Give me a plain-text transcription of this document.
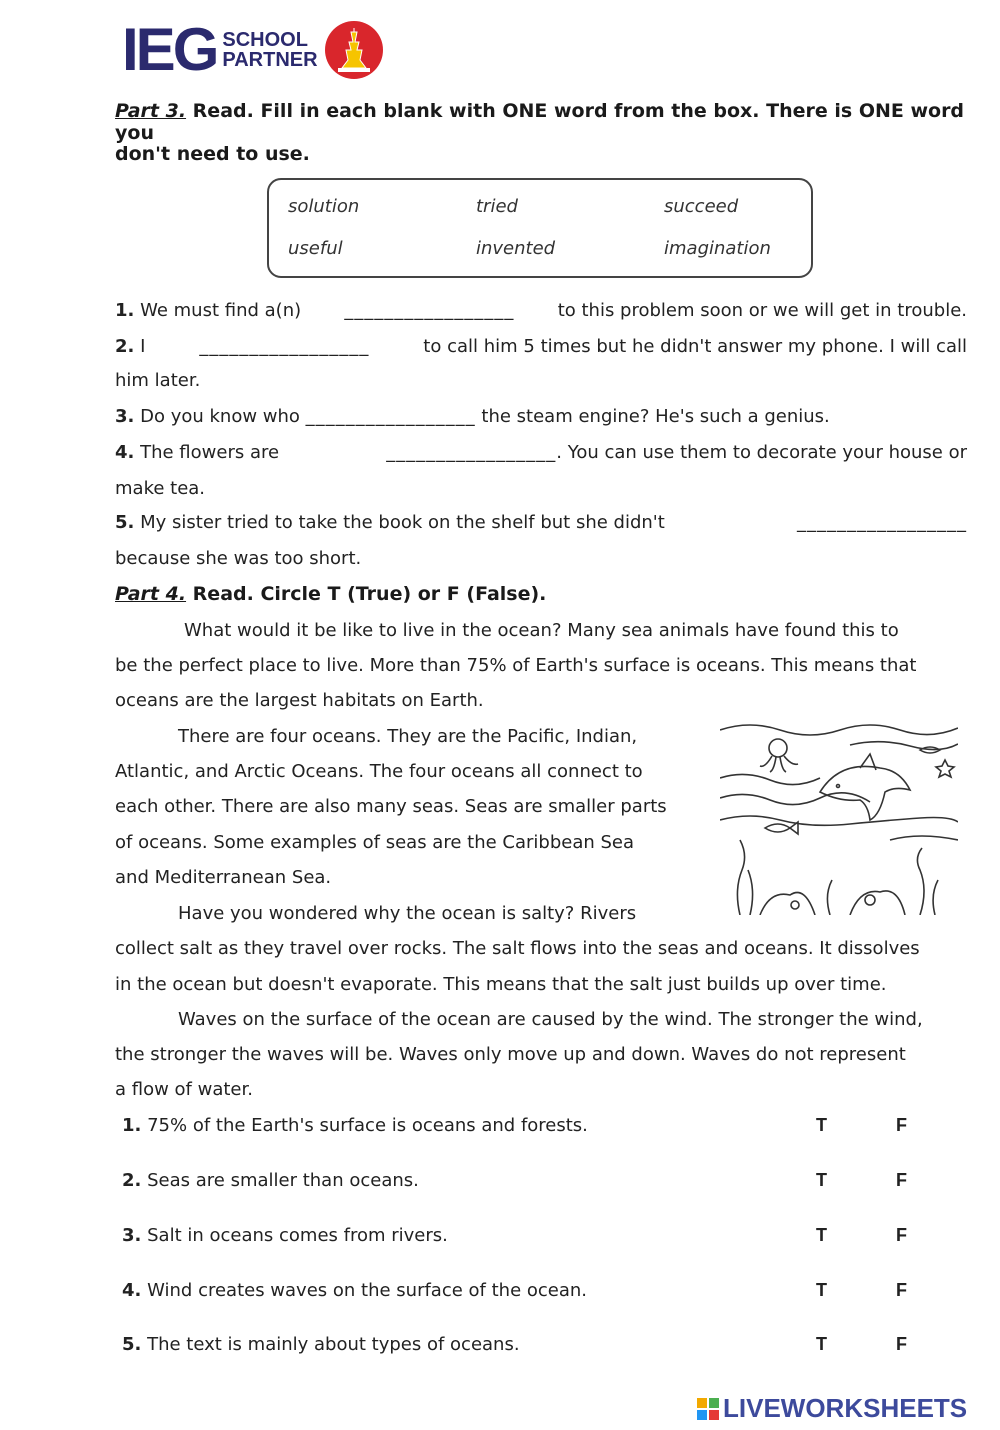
IEG SCHOOL
PARTNER
Part 3. Read. Fill in each blank with ONE word from the box. There is ONE word you
don't need to use.
solution	tried	succeed
useful	invented	imagination
1. We must find a(n) _________________ to this problem soon or we will get in trouble.
2. I	_________________	to call him 5 times but he didn't answer my phone. I will call
him later.
3. Do you know who _________________ the steam engine? He's such a genius.
4. The flowers are	_________________. You can use them to decorate your house or
make tea.
5. My sister tried to take the book on the shelf but she didn't	_________________
because she was too short.
Part 4. Read. Circle T (True) or F (False).
What would it be like to live in the ocean? Many sea animals have found this to
be the perfect place to live. More than 75% of Earth's surface is oceans. This means that
oceans are the largest habitats on Earth.
There are four oceans. They are the Pacific, Indian,
Atlantic, and Arctic Oceans. The four oceans all connect to
each other. There are also many seas. Seas are smaller parts
of oceans. Some examples of seas are the Caribbean Sea
and Mediterranean Sea.
Have you wondered why the ocean is salty? Rivers
collect salt as they travel over rocks. The salt flows into the seas and oceans. It dissolves
in the ocean but doesn't evaporate. This means that the salt just builds up over time.
Waves on the surface of the ocean are caused by the wind. The stronger the wind,
the stronger the waves will be. Waves only move up and down. Waves do not represent
a flow of water.
1. 75% of the Earth's surface is oceans and forests.	T	F
2. Seas are smaller than oceans.	T	F
3. Salt in oceans comes from rivers.	T	F
4. Wind creates waves on the surface of the ocean.	T	F
5. The text is mainly about types of oceans.	T	F
LIVEWORKSHEETS
